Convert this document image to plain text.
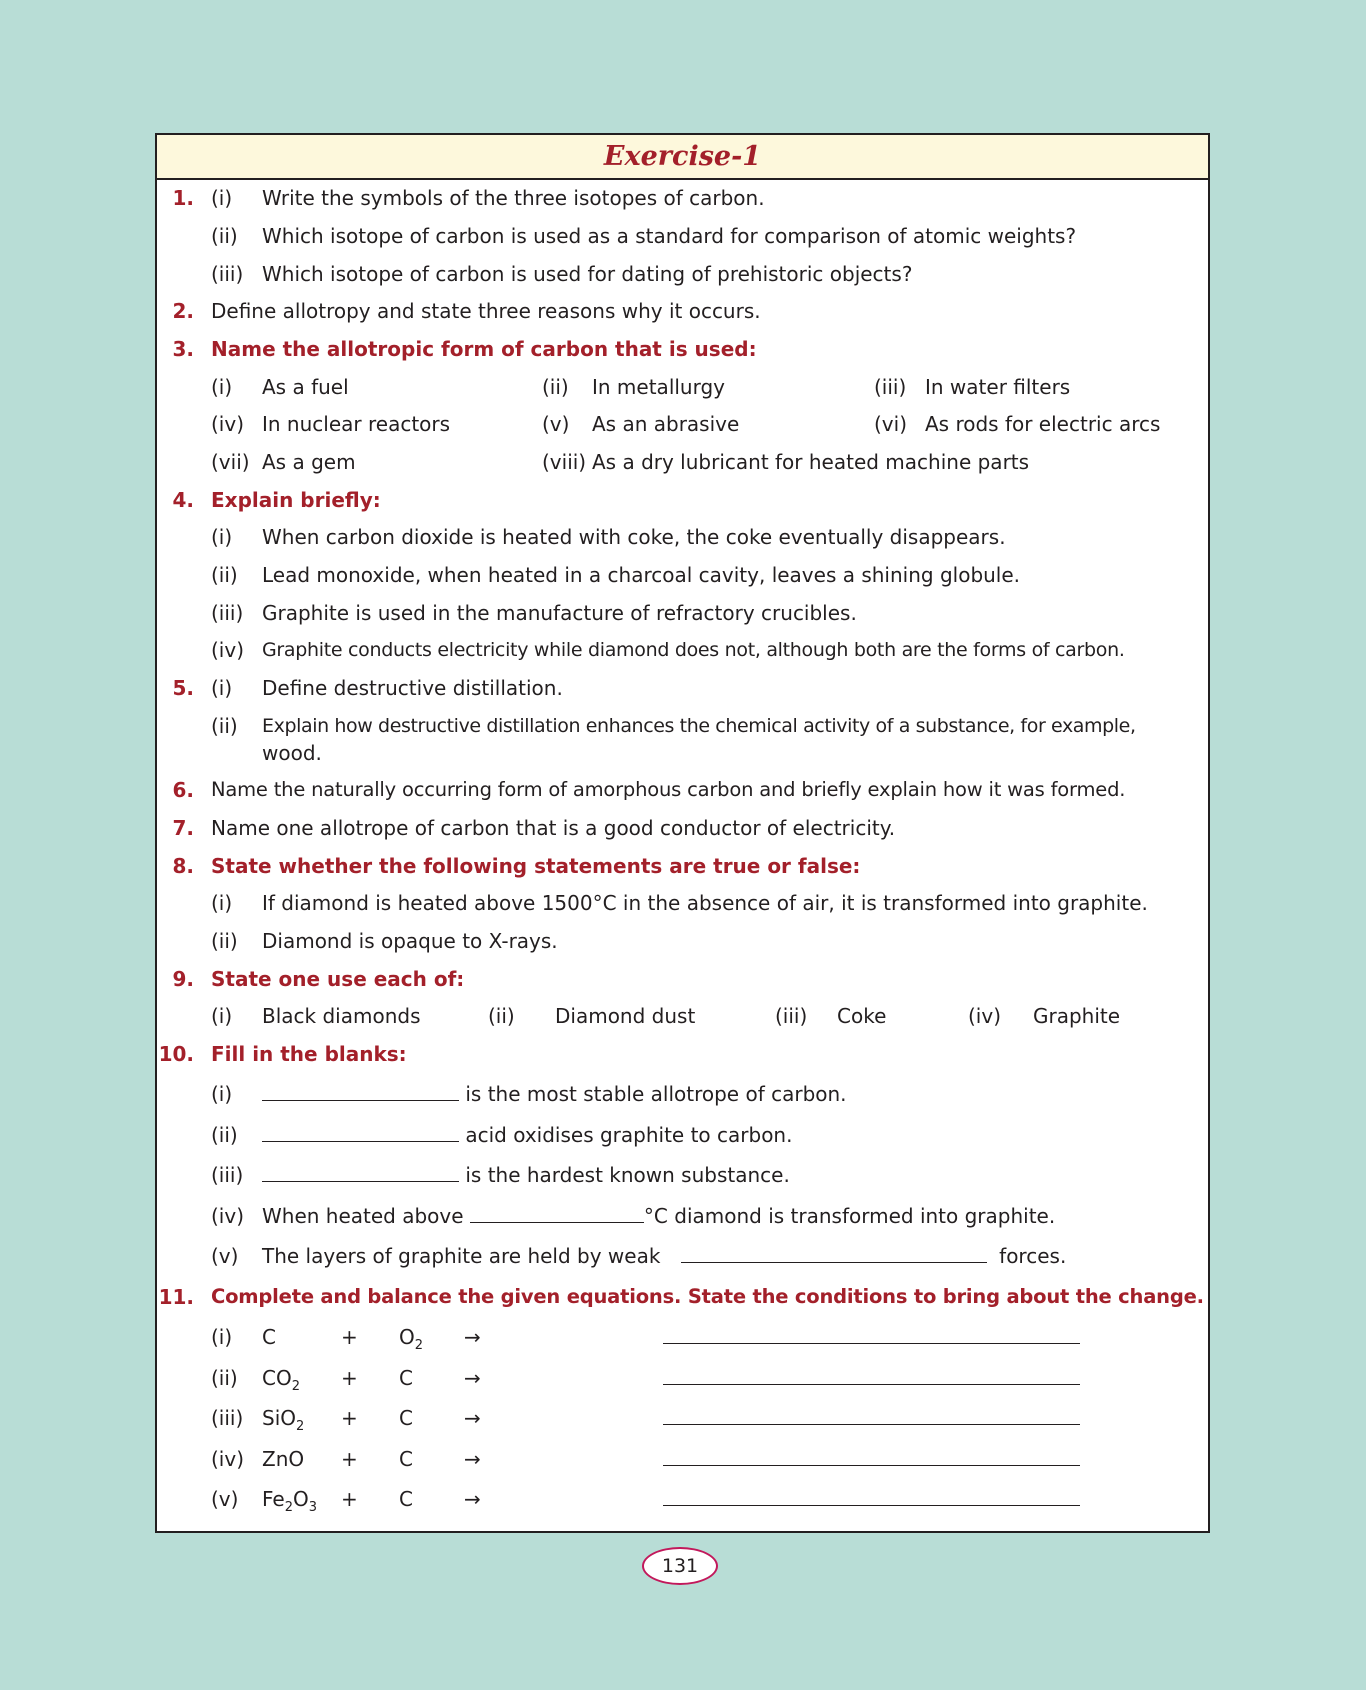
Exercise-1
1. (i) Write the symbols of the three isotopes of carbon.
(ii) Which isotope of carbon is used as a standard for comparison of atomic weights?
(iii) Which isotope of carbon is used for dating of prehistoric objects?
2. Define allotropy and state three reasons why it occurs.
3. Name the allotropic form of carbon that is used:
(i) As a fuel	(ii) In metallurgy	(iii) In water filters
(iv) In nuclear reactors	(v) As an abrasive	(vi) As rods for electric arcs
(vii) As a gem	(viii) As a dry lubricant for heated machine parts
4. Explain briefly:
(i) When carbon dioxide is heated with coke, the coke eventually disappears.
(ii) Lead monoxide, when heated in a charcoal cavity, leaves a shining globule.
(iii) Graphite is used in the manufacture of refractory crucibles.
(iv) Graphite conducts electricity while diamond does not, although both are the forms of carbon.
5. (i) Define destructive distillation.
(ii) Explain how destructive distillation enhances the chemical activity of a substance, for example,
wood.
6. Name the naturally occurring form of amorphous carbon and briefly explain how it was formed.
7. Name one allotrope of carbon that is a good conductor of electricity.
8. State whether the following statements are true or false:
(i) If diamond is heated above 1500°C in the absence of air, it is transformed into graphite.
(ii) Diamond is opaque to X-rays.
9. State one use each of:
(i) Black diamonds	(ii) Diamond dust	(iii) Coke	(iv) Graphite
10. Fill in the blanks:
(i)	is the most stable allotrope of carbon.
(ii)	acid oxidises graphite to carbon.
(iii)	is the hardest known substance.
(iv) When heated above	°C diamond is transformed into graphite.
(v) The layers of graphite are held by weak	forces.
11. Complete and balance the given equations. State the conditions to bring about the change.
(i) C	+ $O_2$ →
(ii) $CO_2 + C$	→
(iii) SiO$_2$ + C	→
(iv) ZnO + C	→
(v) $Fe_2O_3 + C$	→
131
